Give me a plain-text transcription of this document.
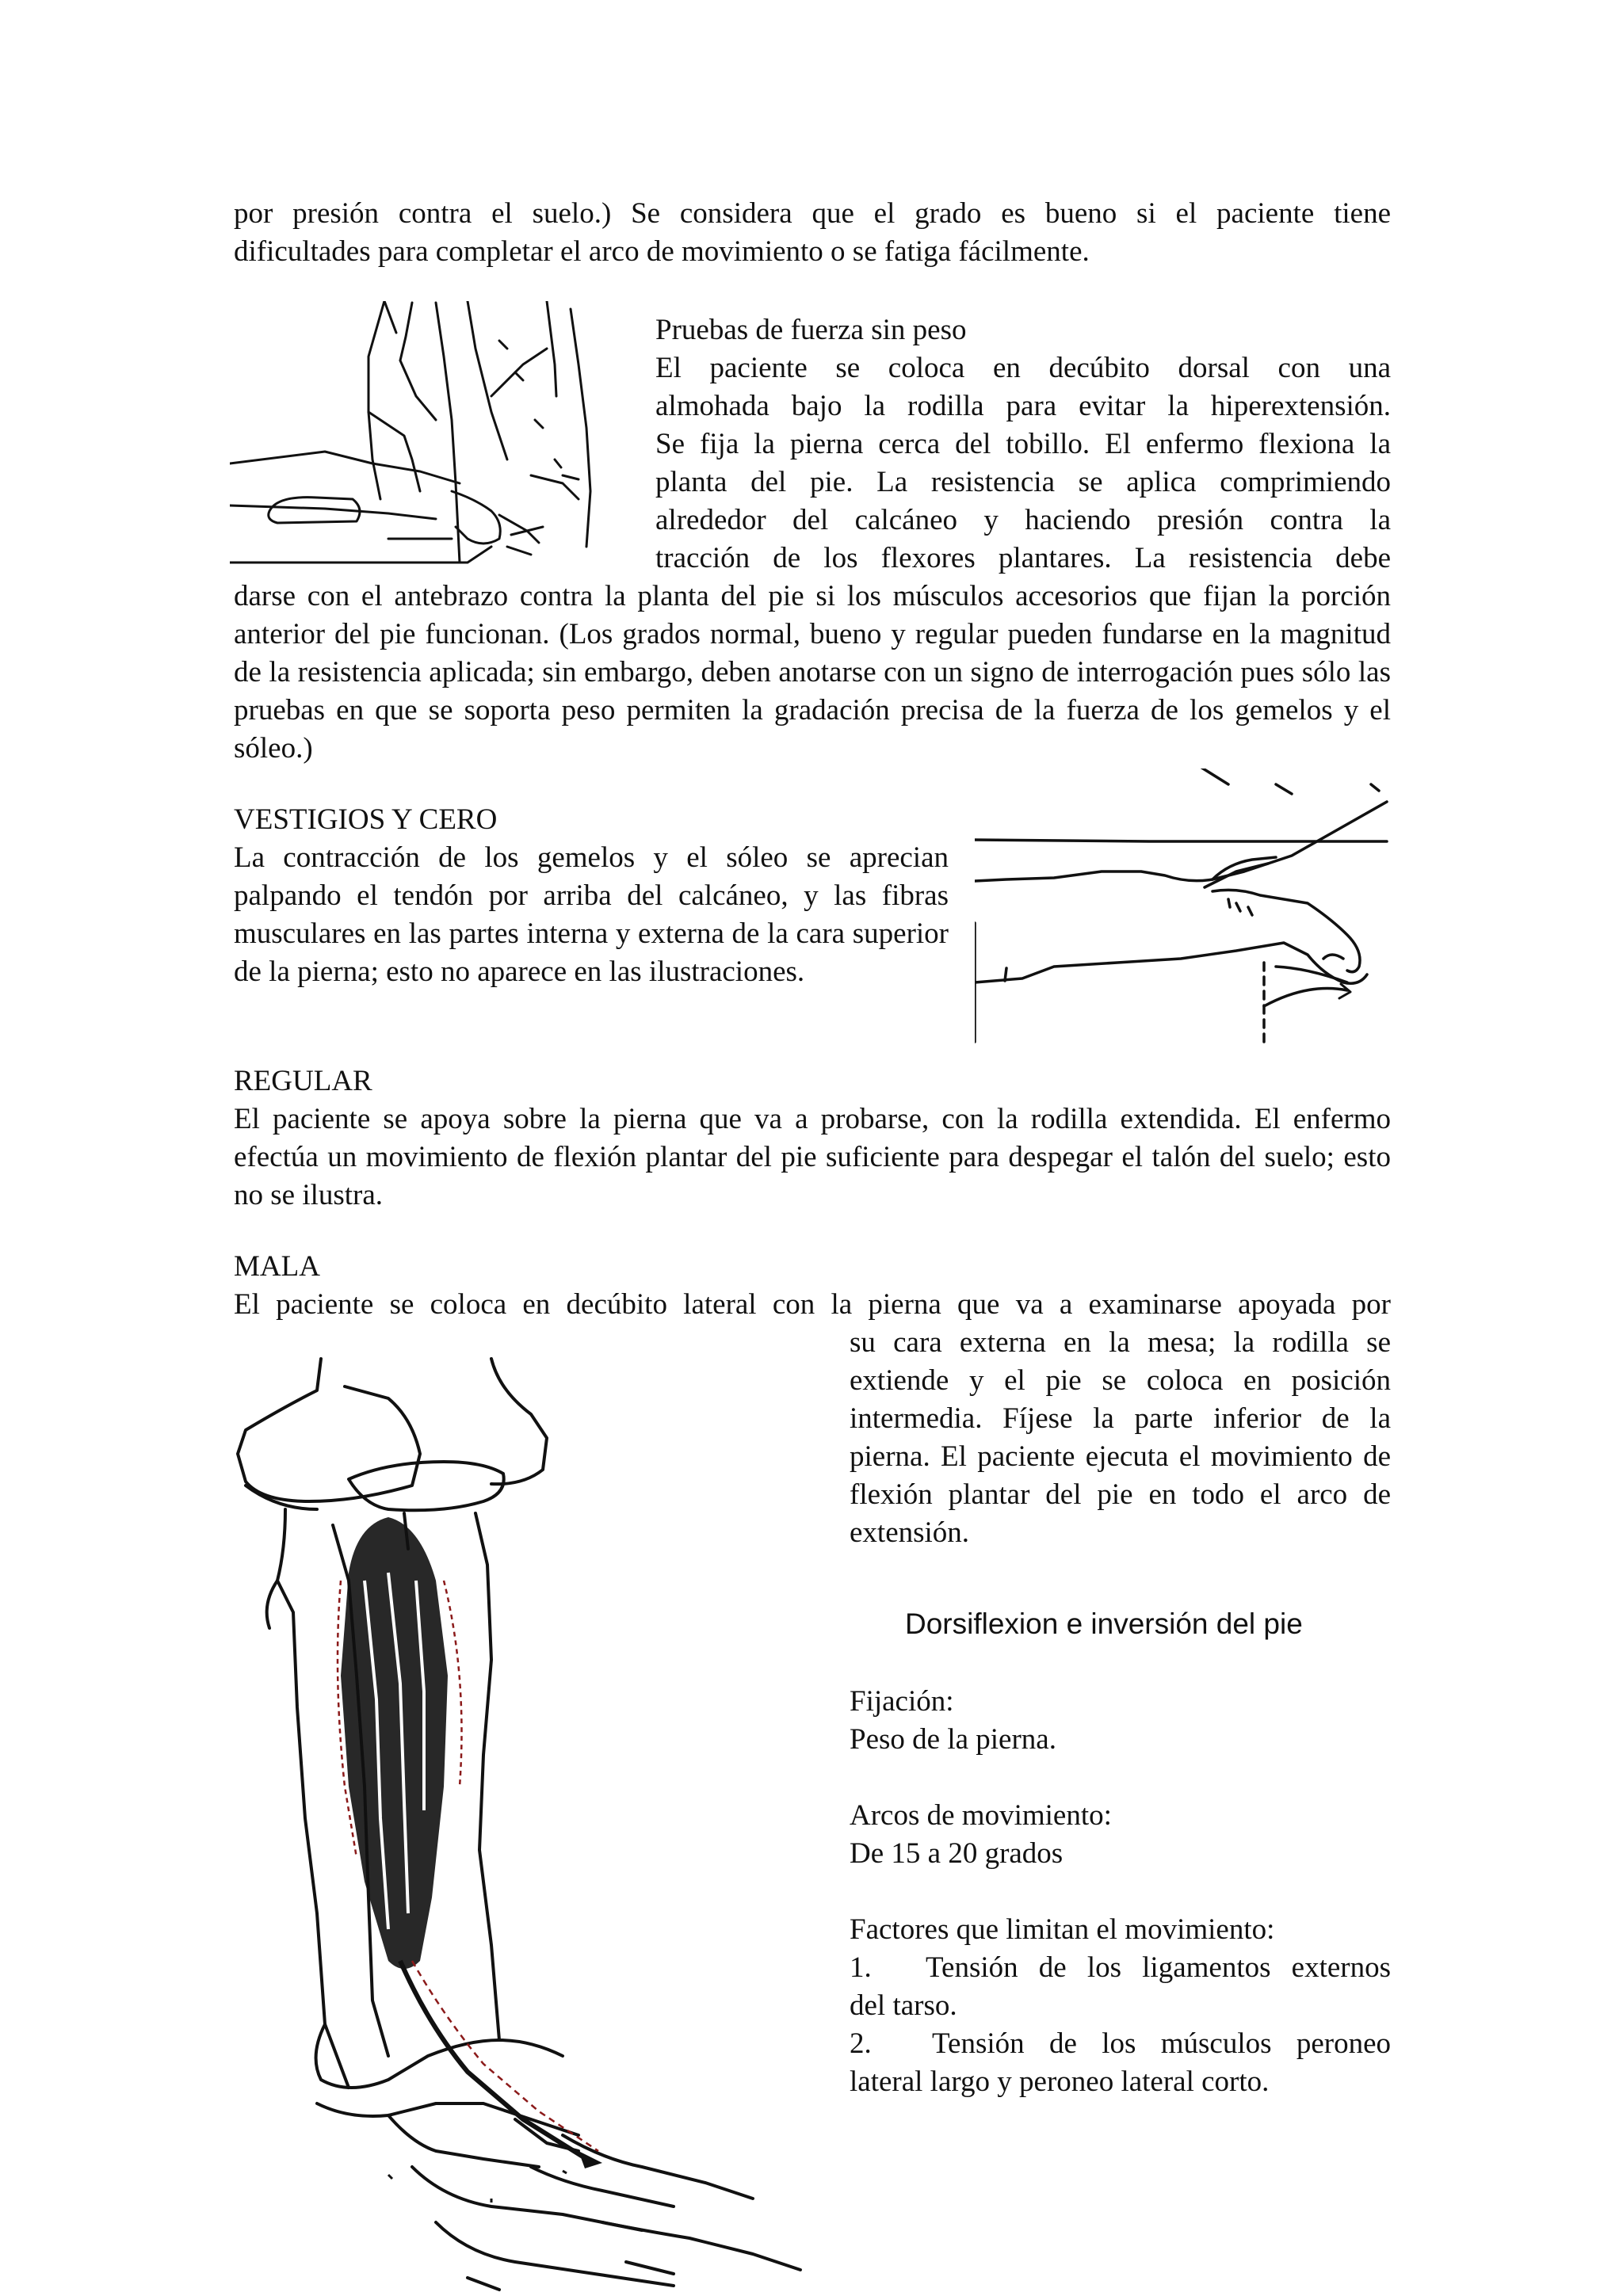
por presión contra el suelo.) Se considera que el grado es bueno si el paciente tiene
dificultades para completar el arco de movimiento o se fatiga fácilmente.
Pruebas de fuerza sin peso
El paciente se coloca en decúbito dorsal con una
almohada bajo la rodilla para evitar la hiperextensión.
Se fija la pierna cerca del tobillo. El enfermo flexiona la
planta del pie. La resistencia se aplica comprimiendo
alrededor del calcáneo y haciendo presión contra la
tracción de los flexores plantares. La resistencia debe
darse con el antebrazo contra la planta del pie si los músculos accesorios que fijan la porción anterior del pie funcionan. (Los grados normal, bueno y regular pueden fundarse en la magnitud de la resistencia aplicada; sin embargo, deben anotarse con un signo de interrogación pues sólo las pruebas en que se soporta peso permiten la gradación precisa de la fuerza de los gemelos y el sóleo.)
VESTIGIOS Y CERO
La contracción de los gemelos y el sóleo se aprecian palpando el tendón por arriba del calcáneo, y las fibras musculares en las partes interna y externa de la cara superior de la pierna; esto no aparece en las ilustraciones.
REGULAR
El paciente se apoya sobre la pierna que va a probarse, con la rodilla extendida. El enfermo efectúa un movimiento de flexión plantar del pie suficiente para despegar el talón del suelo; esto no se ilustra.
MALA
El paciente se coloca en decúbito lateral con la pierna que va a examinarse apoyada por
su cara externa en la mesa; la rodilla se extiende y el pie se coloca en posición intermedia. Fíjese la parte inferior de la pierna. El paciente ejecuta el movimiento de flexión plantar del pie en todo el arco de extensión.
Dorsiflexion e inversión del pie
Fijación:
Peso de la pierna.
Arcos de movimiento:
De 15 a 20 grados
Factores que limitan el movimiento:
1. Tensión de los ligamentos externos
del tarso.
2. Tensión de los músculos peroneo
lateral largo y peroneo lateral corto.
